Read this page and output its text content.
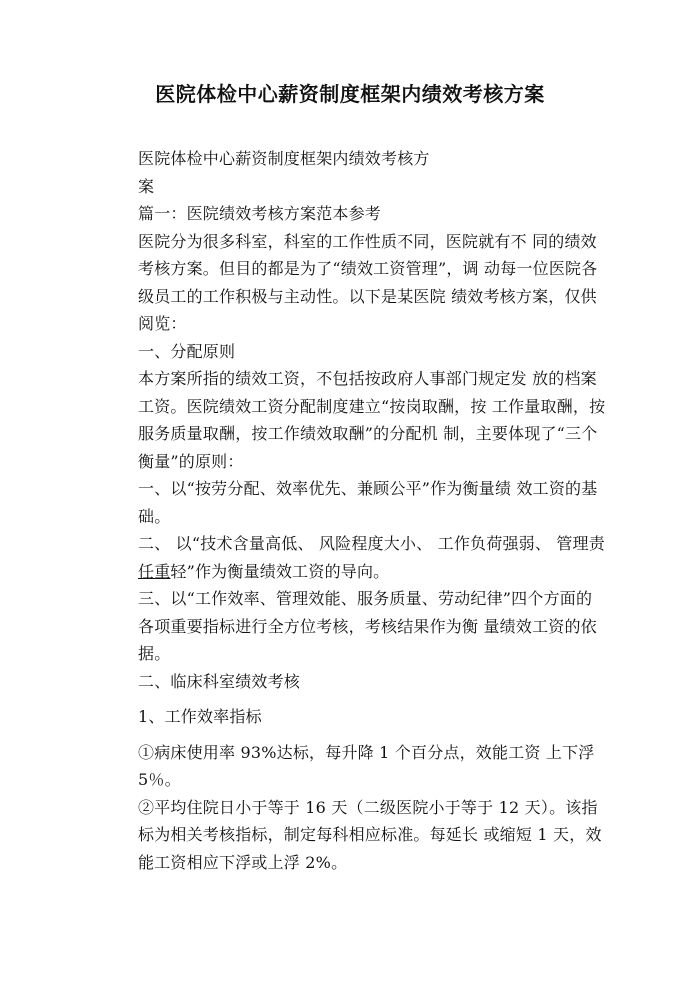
医院体检中心薪资制度框架内绩效考核方案

医院体检中心薪资制度框架内绩效考核方

案

篇一：医院绩效考核方案范本参考

医院分为很多科室，科室的工作性质不同，医院就有不 同的绩效考核方案。但目的都是为了“绩效工资管理”，调 动每一位医院各级员工的工作积极与主动性。以下是某医院 绩效考核方案，仅供阅览：

一、分配原则

本方案所指的绩效工资，不包括按政府人事部门规定发 放的档案工资。医院绩效工资分配制度建立“按岗取酬，按 工作量取酬，按服务质量取酬，按工作绩效取酬”的分配机 制，主要体现了“三个衡量”的原则：

一、以“按劳分配、效率优先、兼顾公平”作为衡量绩 效工资的基础。

二、 以“技术含量高低、 风险程度大小、 工作负荷强弱、 管理责任重轻”作为衡量绩效工资的导向。

三、以“工作效率、管理效能、服务质量、劳动纪律”四个方面的各项重要指标进行全方位考核，考核结果作为衡 量绩效工资的依据。

二、临床科室绩效考核

1、工作效率指标

①病床使用率 93%达标，每升降 1 个百分点，效能工资 上下浮 5％。

②平均住院日小于等于 16 天（二级医院小于等于 12 天）。该指标为相关考核指标，制定每科相应标准。每延长 或缩短 1 天，效能工资相应下浮或上浮 2%。
